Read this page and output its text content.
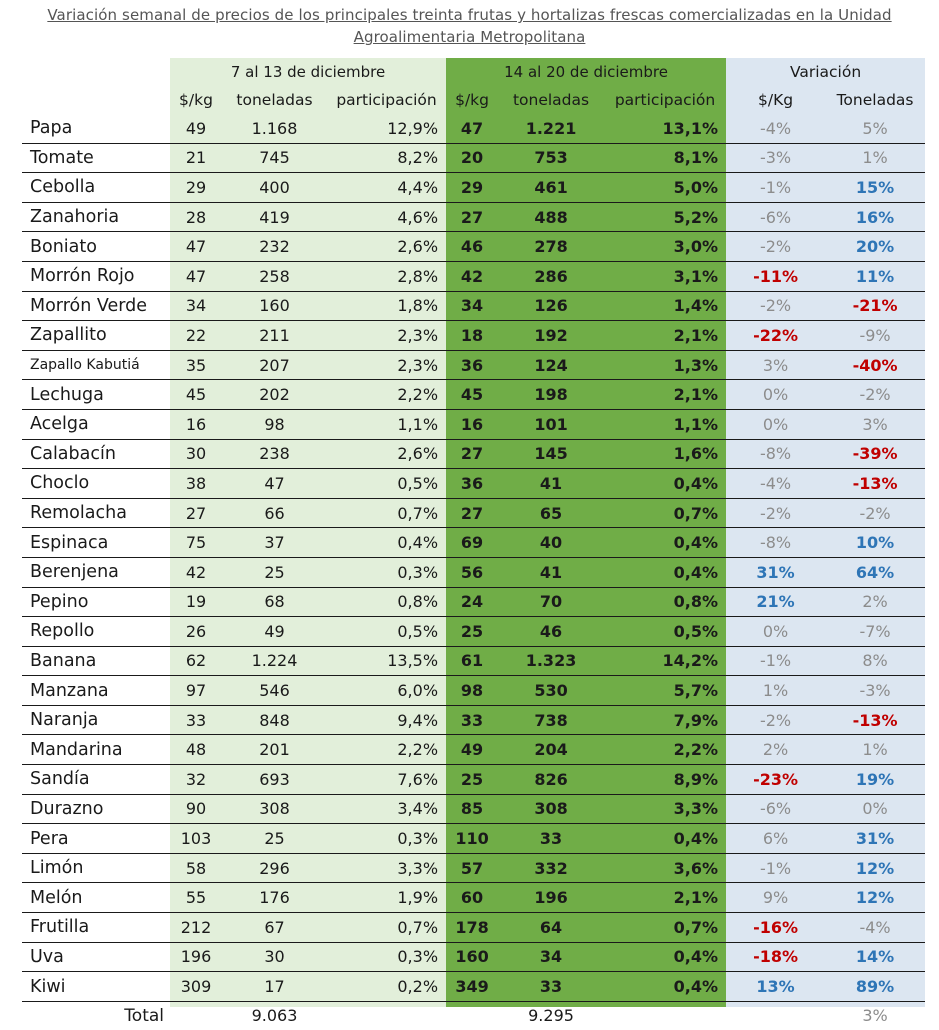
Variación semanal de precios de los principales treinta frutas y hortalizas frescas comercializadas en la Unidad
Agroalimentaria Metropolitana
	7 al 13 de diciembre			14 al 20 de diciembre			Variación	
	$/kg	toneladas	participación	$/kg	toneladas	participación	$/Kg	Toneladas
Papa	49	1.168	12,9%	47	1.221	13,1%	-4%	5%
Tomate	21	745	8,2%	20	753	8,1%	-3%	1%
Cebolla	29	400	4,4%	29	461	5,0%	-1%	15%
Zanahoria	28	419	4,6%	27	488	5,2%	-6%	16%
Boniato	47	232	2,6%	46	278	3,0%	-2%	20%
Morrón Rojo	47	258	2,8%	42	286	3,1%	-11%	11%
Morrón Verde	34	160	1,8%	34	126	1,4%	-2%	-21%
Zapallito	22	211	2,3%	18	192	2,1%	-22%	-9%
Zapallo Kabutiá	35	207	2,3%	36	124	1,3%	3%	-40%
Lechuga	45	202	2,2%	45	198	2,1%	0%	-2%
Acelga	16	98	1,1%	16	101	1,1%	0%	3%
Calabacín	30	238	2,6%	27	145	1,6%	-8%	-39%
Choclo	38	47	0,5%	36	41	0,4%	-4%	-13%
Remolacha	27	66	0,7%	27	65	0,7%	-2%	-2%
Espinaca	75	37	0,4%	69	40	0,4%	-8%	10%
Berenjena	42	25	0,3%	56	41	0,4%	31%	64%
Pepino	19	68	0,8%	24	70	0,8%	21%	2%
Repollo	26	49	0,5%	25	46	0,5%	0%	-7%
Banana	62	1.224	13,5%	61	1.323	14,2%	-1%	8%
Manzana	97	546	6,0%	98	530	5,7%	1%	-3%
Naranja	33	848	9,4%	33	738	7,9%	-2%	-13%
Mandarina	48	201	2,2%	49	204	2,2%	2%	1%
Sandía	32	693	7,6%	25	826	8,9%	-23%	19%
Durazno	90	308	3,4%	85	308	3,3%	-6%	0%
Pera	103	25	0,3%	110	33	0,4%	6%	31%
Limón	58	296	3,3%	57	332	3,6%	-1%	12%
Melón	55	176	1,9%	60	196	2,1%	9%	12%
Frutilla	212	67	0,7%	178	64	0,7%	-16%	-4%
Uva	196	30	0,3%	160	34	0,4%	-18%	14%
Kiwi	309	17	0,2%	349	33	0,4%	13%	89%
Total		9.063			9.295			3%
